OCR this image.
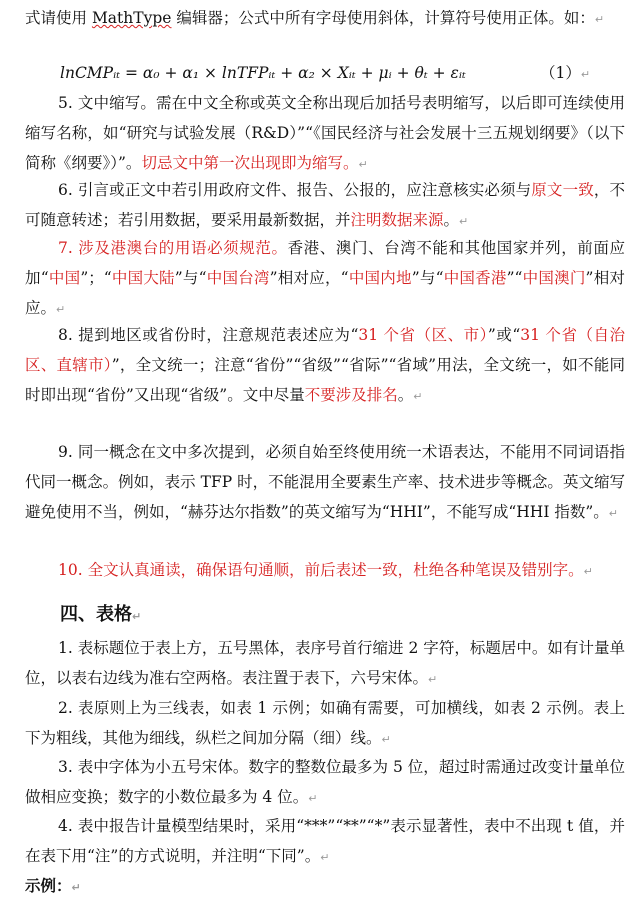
式请使用 MathType 编辑器；公式中所有字母使用斜体，计算符号使用正体。如：↵
lnCMPᵢₜ = α₀ + α₁ × lnTFPᵢₜ + α₂ × Xᵢₜ + μᵢ + θₜ + εᵢₜ	（1）↵
5. 文中缩写。需在中文全称或英文全称出现后加括号表明缩写，以后即可连续使用缩写名称，如“研究与试验发展（R&D）”“《国民经济与社会发展十三五规划纲要》（以下简称《纲要》）”。切忌文中第一次出现即为缩写。↵
6. 引言或正文中若引用政府文件、报告、公报的，应注意核实必须与原文一致，不可随意转述；若引用数据，要采用最新数据，并注明数据来源。↵
7. 涉及港澳台的用语必须规范。香港、澳门、台湾不能和其他国家并列，前面应加“中国”；“中国大陆”与“中国台湾”相对应，“中国内地”与“中国香港”“中国澳门”相对应。↵
8. 提到地区或省份时，注意规范表述应为“31 个省（区、市）”或“31 个省（自治区、直辖市）”，全文统一；注意“省份”“省级”“省际”“省域”用法，全文统一，如不能同时即出现“省份”又出现“省级”。文中尽量不要涉及排名。↵
9. 同一概念在文中多次提到，必须自始至终使用统一术语表达，不能用不同词语指代同一概念。例如，表示 TFP 时，不能混用全要素生产率、技术进步等概念。英文缩写避免使用不当，例如，“赫芬达尔指数”的英文缩写为“HHI”，不能写成“HHI 指数”。↵
10. 全文认真通读，确保语句通顺，前后表述一致，杜绝各种笔误及错别字。↵
四、表格↵
1. 表标题位于表上方，五号黑体，表序号首行缩进 2 字符，标题居中。如有计量单位，以表右边线为准右空两格。表注置于表下，六号宋体。↵
2. 表原则上为三线表，如表 1 示例；如确有需要，可加横线，如表 2 示例。表上下为粗线，其他为细线，纵栏之间加分隔（细）线。↵
3. 表中字体为小五号宋体。数字的整数位最多为 5 位，超过时需通过改变计量单位做相应变换；数字的小数位最多为 4 位。↵
4. 表中报告计量模型结果时，采用“***”“**”“*”表示显著性，表中不出现 t 值，并在表下用“注”的方式说明，并注明“下同”。↵
示例：↵
